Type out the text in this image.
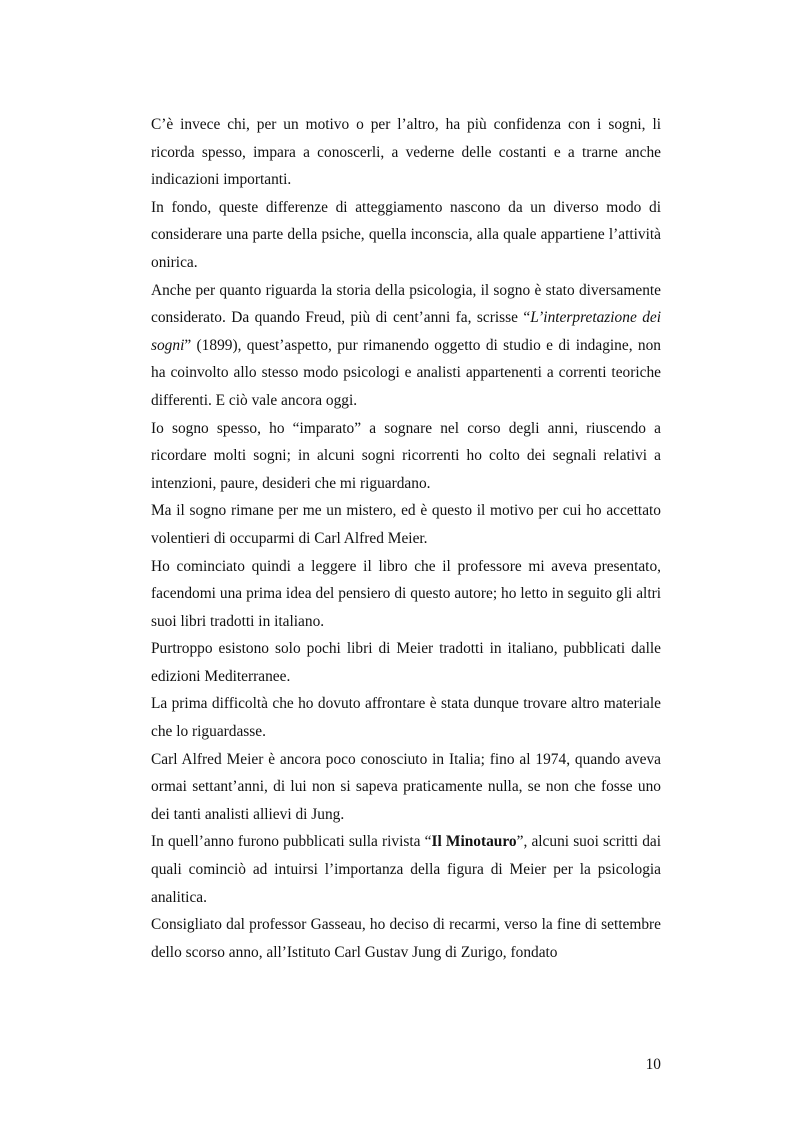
C’è invece chi, per un motivo o per l’altro, ha più confidenza con i sogni, li ricorda spesso, impara a conoscerli, a vederne delle costanti e a trarne anche indicazioni importanti.

In fondo, queste differenze di atteggiamento nascono da un diverso modo di considerare una parte della psiche, quella inconscia, alla quale appartiene l’attività onirica.

Anche per quanto riguarda la storia della psicologia, il sogno è stato diversamente considerato. Da quando Freud, più di cent’anni fa, scrisse “L’interpretazione dei sogni” (1899), quest’aspetto, pur rimanendo oggetto di studio e di indagine, non ha coinvolto allo stesso modo psicologi e analisti appartenenti a correnti teoriche differenti. E ciò vale ancora oggi.

Io sogno spesso, ho “imparato” a sognare nel corso degli anni, riuscendo a ricordare molti sogni; in alcuni sogni ricorrenti ho colto dei segnali relativi a intenzioni, paure, desideri che mi riguardano.

Ma il sogno rimane per me un mistero, ed è questo il motivo per cui ho accettato volentieri di occuparmi di Carl Alfred Meier.

Ho cominciato quindi a leggere il libro che il professore mi aveva presentato, facendomi una prima idea del pensiero di questo autore; ho letto in seguito gli altri suoi libri tradotti in italiano.

Purtroppo esistono solo pochi libri di Meier tradotti in italiano, pubblicati dalle edizioni Mediterranee.

La prima difficoltà che ho dovuto affrontare è stata dunque trovare altro materiale che lo riguardasse.

Carl Alfred Meier è ancora poco conosciuto in Italia; fino al 1974, quando aveva ormai settant’anni, di lui non si sapeva praticamente nulla, se non che fosse uno dei tanti analisti allievi di Jung.

In quell’anno furono pubblicati sulla rivista “Il Minotauro”, alcuni suoi scritti dai quali cominciò ad intuirsi l’importanza della figura di Meier per la psicologia analitica.

Consigliato dal professor Gasseau, ho deciso di recarmi, verso la fine di settembre dello scorso anno, all’Istituto Carl Gustav Jung di Zurigo, fondato

10
